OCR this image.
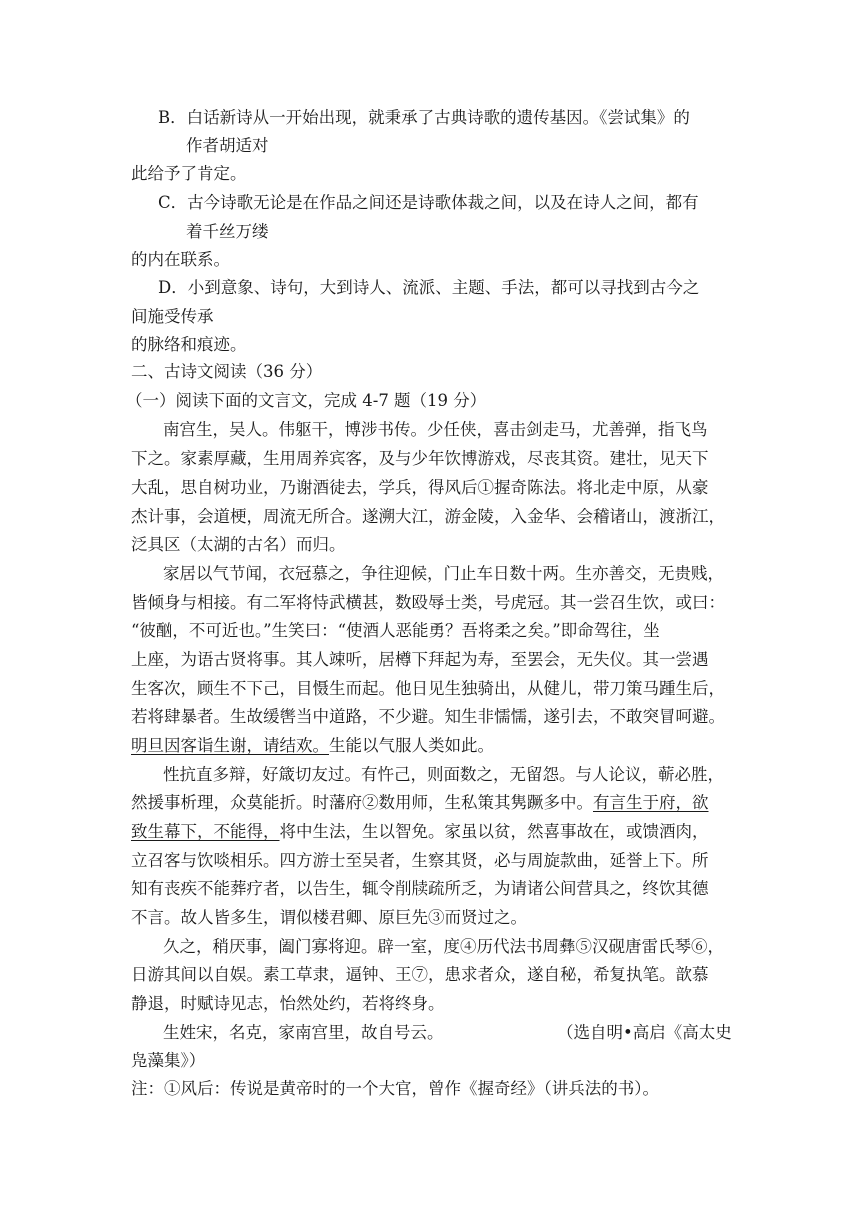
B．白话新诗从一开始出现，就秉承了古典诗歌的遗传基因。《尝试集》的
作者胡适对
此给予了肯定。
C．古今诗歌无论是在作品之间还是诗歌体裁之间，以及在诗人之间，都有
着千丝万缕
的内在联系。
D．小到意象、诗句，大到诗人、流派、主题、手法，都可以寻找到古今之
间施受传承
的脉络和痕迹。
二、古诗文阅读（36 分）
（一）阅读下面的文言文，完成 4-7 题（19 分）
南宫生，吴人。伟躯干，博涉书传。少任侠，喜击剑走马，尤善弹，指飞鸟
下之。家素厚藏，生用周养宾客，及与少年饮博游戏，尽丧其资。建壮，见天下
大乱，思自树功业，乃谢酒徒去，学兵，得风后①握奇陈法。将北走中原，从豪
杰计事，会道梗，周流无所合。遂溯大江，游金陵，入金华、会稽诸山，渡浙江，
泛具区（太湖的古名）而归。
家居以气节闻，衣冠慕之，争往迎候，门止车日数十两。生亦善交，无贵贱，
皆倾身与相接。有二军将恃武横甚，数殴辱士类，号虎冠。其一尝召生饮，或曰：
“彼酗，不可近也。”生笑曰：“使酒人恶能勇？吾将柔之矣。”即命驾往，坐
上座，为语古贤将事。其人竦听，居樽下拜起为寿，至罢会，无失仪。其一尝遇
生客次，顾生不下己，目慑生而起。他日见生独骑出，从健儿，带刀策马踵生后，
若将肆暴者。生故缓辔当中道路，不少避。知生非懦懦，遂引去，不敢突冒呵避。
明旦因客诣生谢，请结欢。生能以气服人类如此。
性抗直多辩，好箴切友过。有忤己，则面数之，无留怨。与人论议，蕲必胜，
然援事析理，众莫能折。时藩府②数用师，生私策其隽蹶多中。有言生于府，欲
致生幕下，不能得，将中生法，生以智免。家虽以贫，然喜事故在，或馈酒肉，
立召客与饮啖相乐。四方游士至吴者，生察其贤，必与周旋款曲，延誉上下。所
知有丧疾不能葬疗者，以告生，辄令削牍疏所乏，为请诸公间营具之，终饮其德
不言。故人皆多生，谓似楼君卿、原巨先③而贤过之。
久之，稍厌事，阖门寡将迎。辟一室，度④历代法书周彝⑤汉砚唐雷氏琴⑥，
日游其间以自娱。素工草隶，逼钟、王⑦，患求者众，遂自秘，希复执笔。歆慕
静退，时赋诗见志，怡然处约，若将终身。
生姓宋，名克，家南宫里，故自号云。	（选自明•高启《高太史
凫藻集》）
注：①风后：传说是黄帝时的一个大官，曾作《握奇经》（讲兵法的书）。
